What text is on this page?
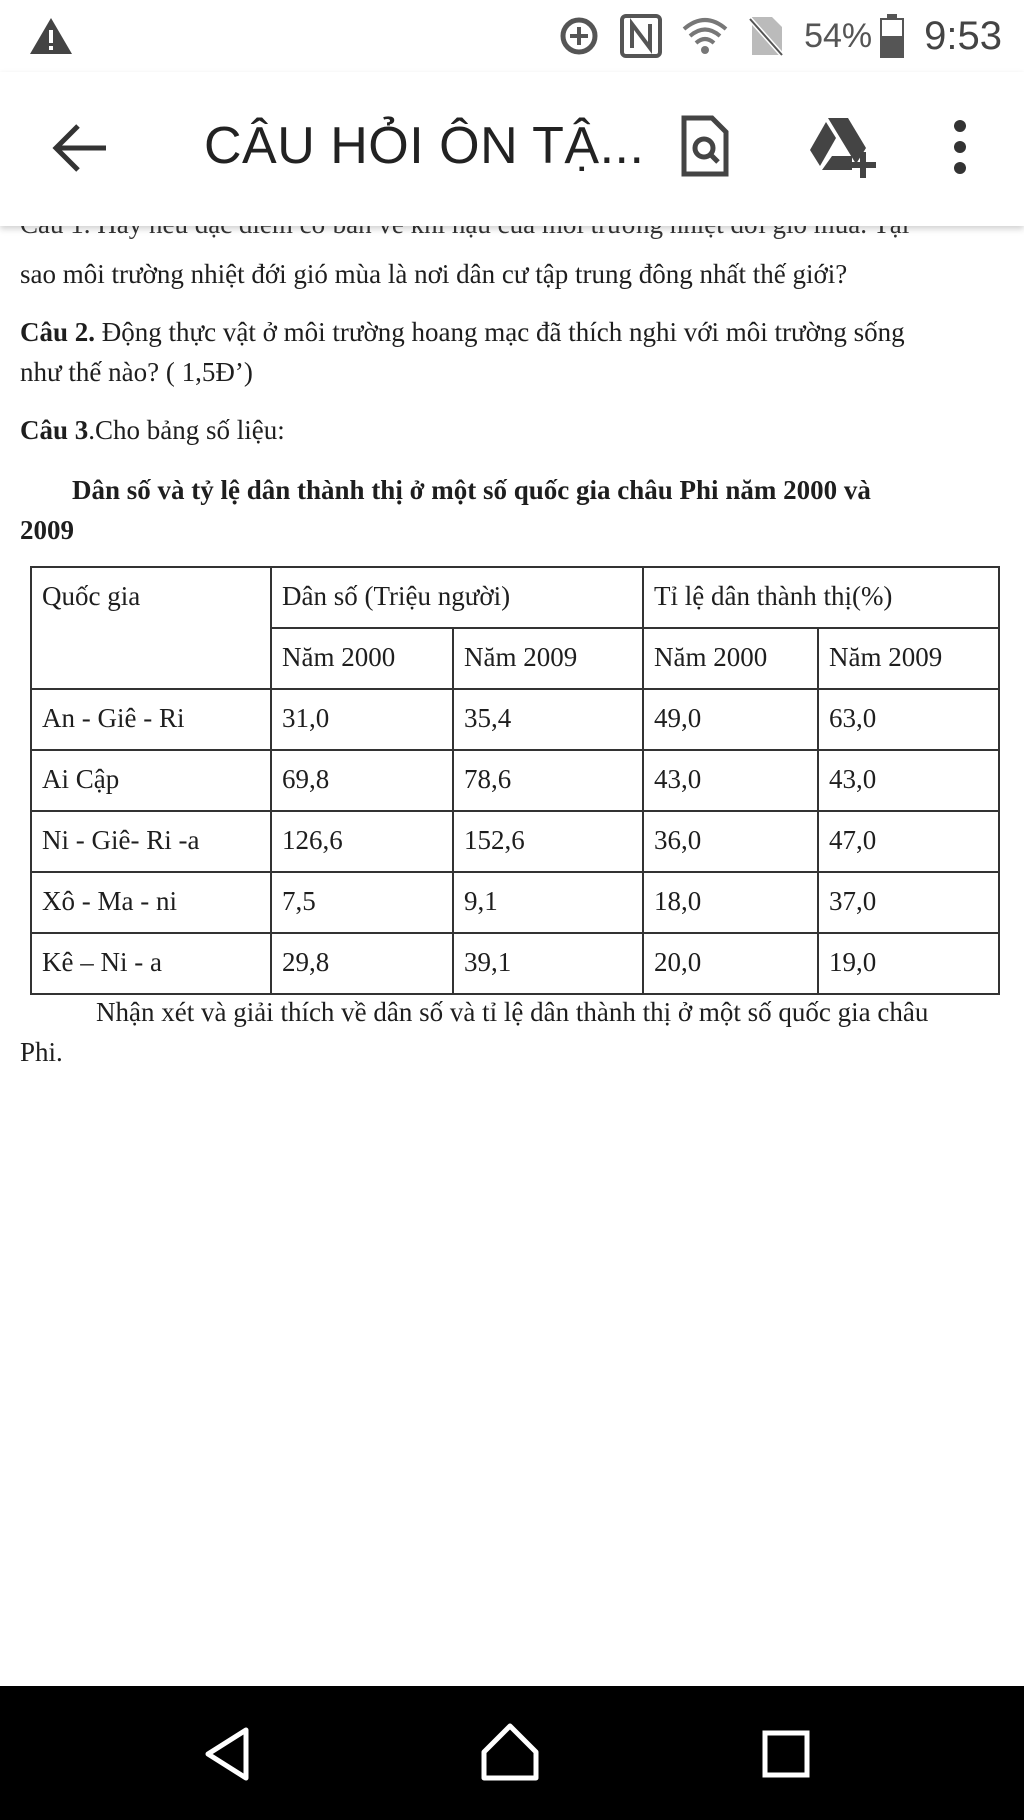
54% 9:53
CÂU HỎI ÔN TẬ...

sao môi trường nhiệt đới gió mùa là nơi dân cư tập trung đông nhất thế giới?

Câu 2. Động thực vật ở môi trường hoang mạc đã thích nghi với môi trường sống

như thế nào? ( 1,5Đ’)

Câu 3.Cho bảng số liệu:

Dân số và tỷ lệ dân thành thị ở một số quốc gia châu Phi năm 2000 và

2009

Quốc gia	Dân số (Triệu người)		Tỉ lệ dân thành thị(%)	
	Năm 2000	Năm 2009	Năm 2000	Năm 2009
An - Giê - Ri	31,0	35,4	49,0	63,0
Ai Cập	69,8	78,6	43,0	43,0
Ni - Giê- Ri -a	126,6	152,6	36,0	47,0
Xô - Ma - ni	7,5	9,1	18,0	37,0
Kê – Ni - a	29,8	39,1	20,0	19,0

Nhận xét và giải thích về dân số và tỉ lệ dân thành thị ở một số quốc gia châu

Phi.
